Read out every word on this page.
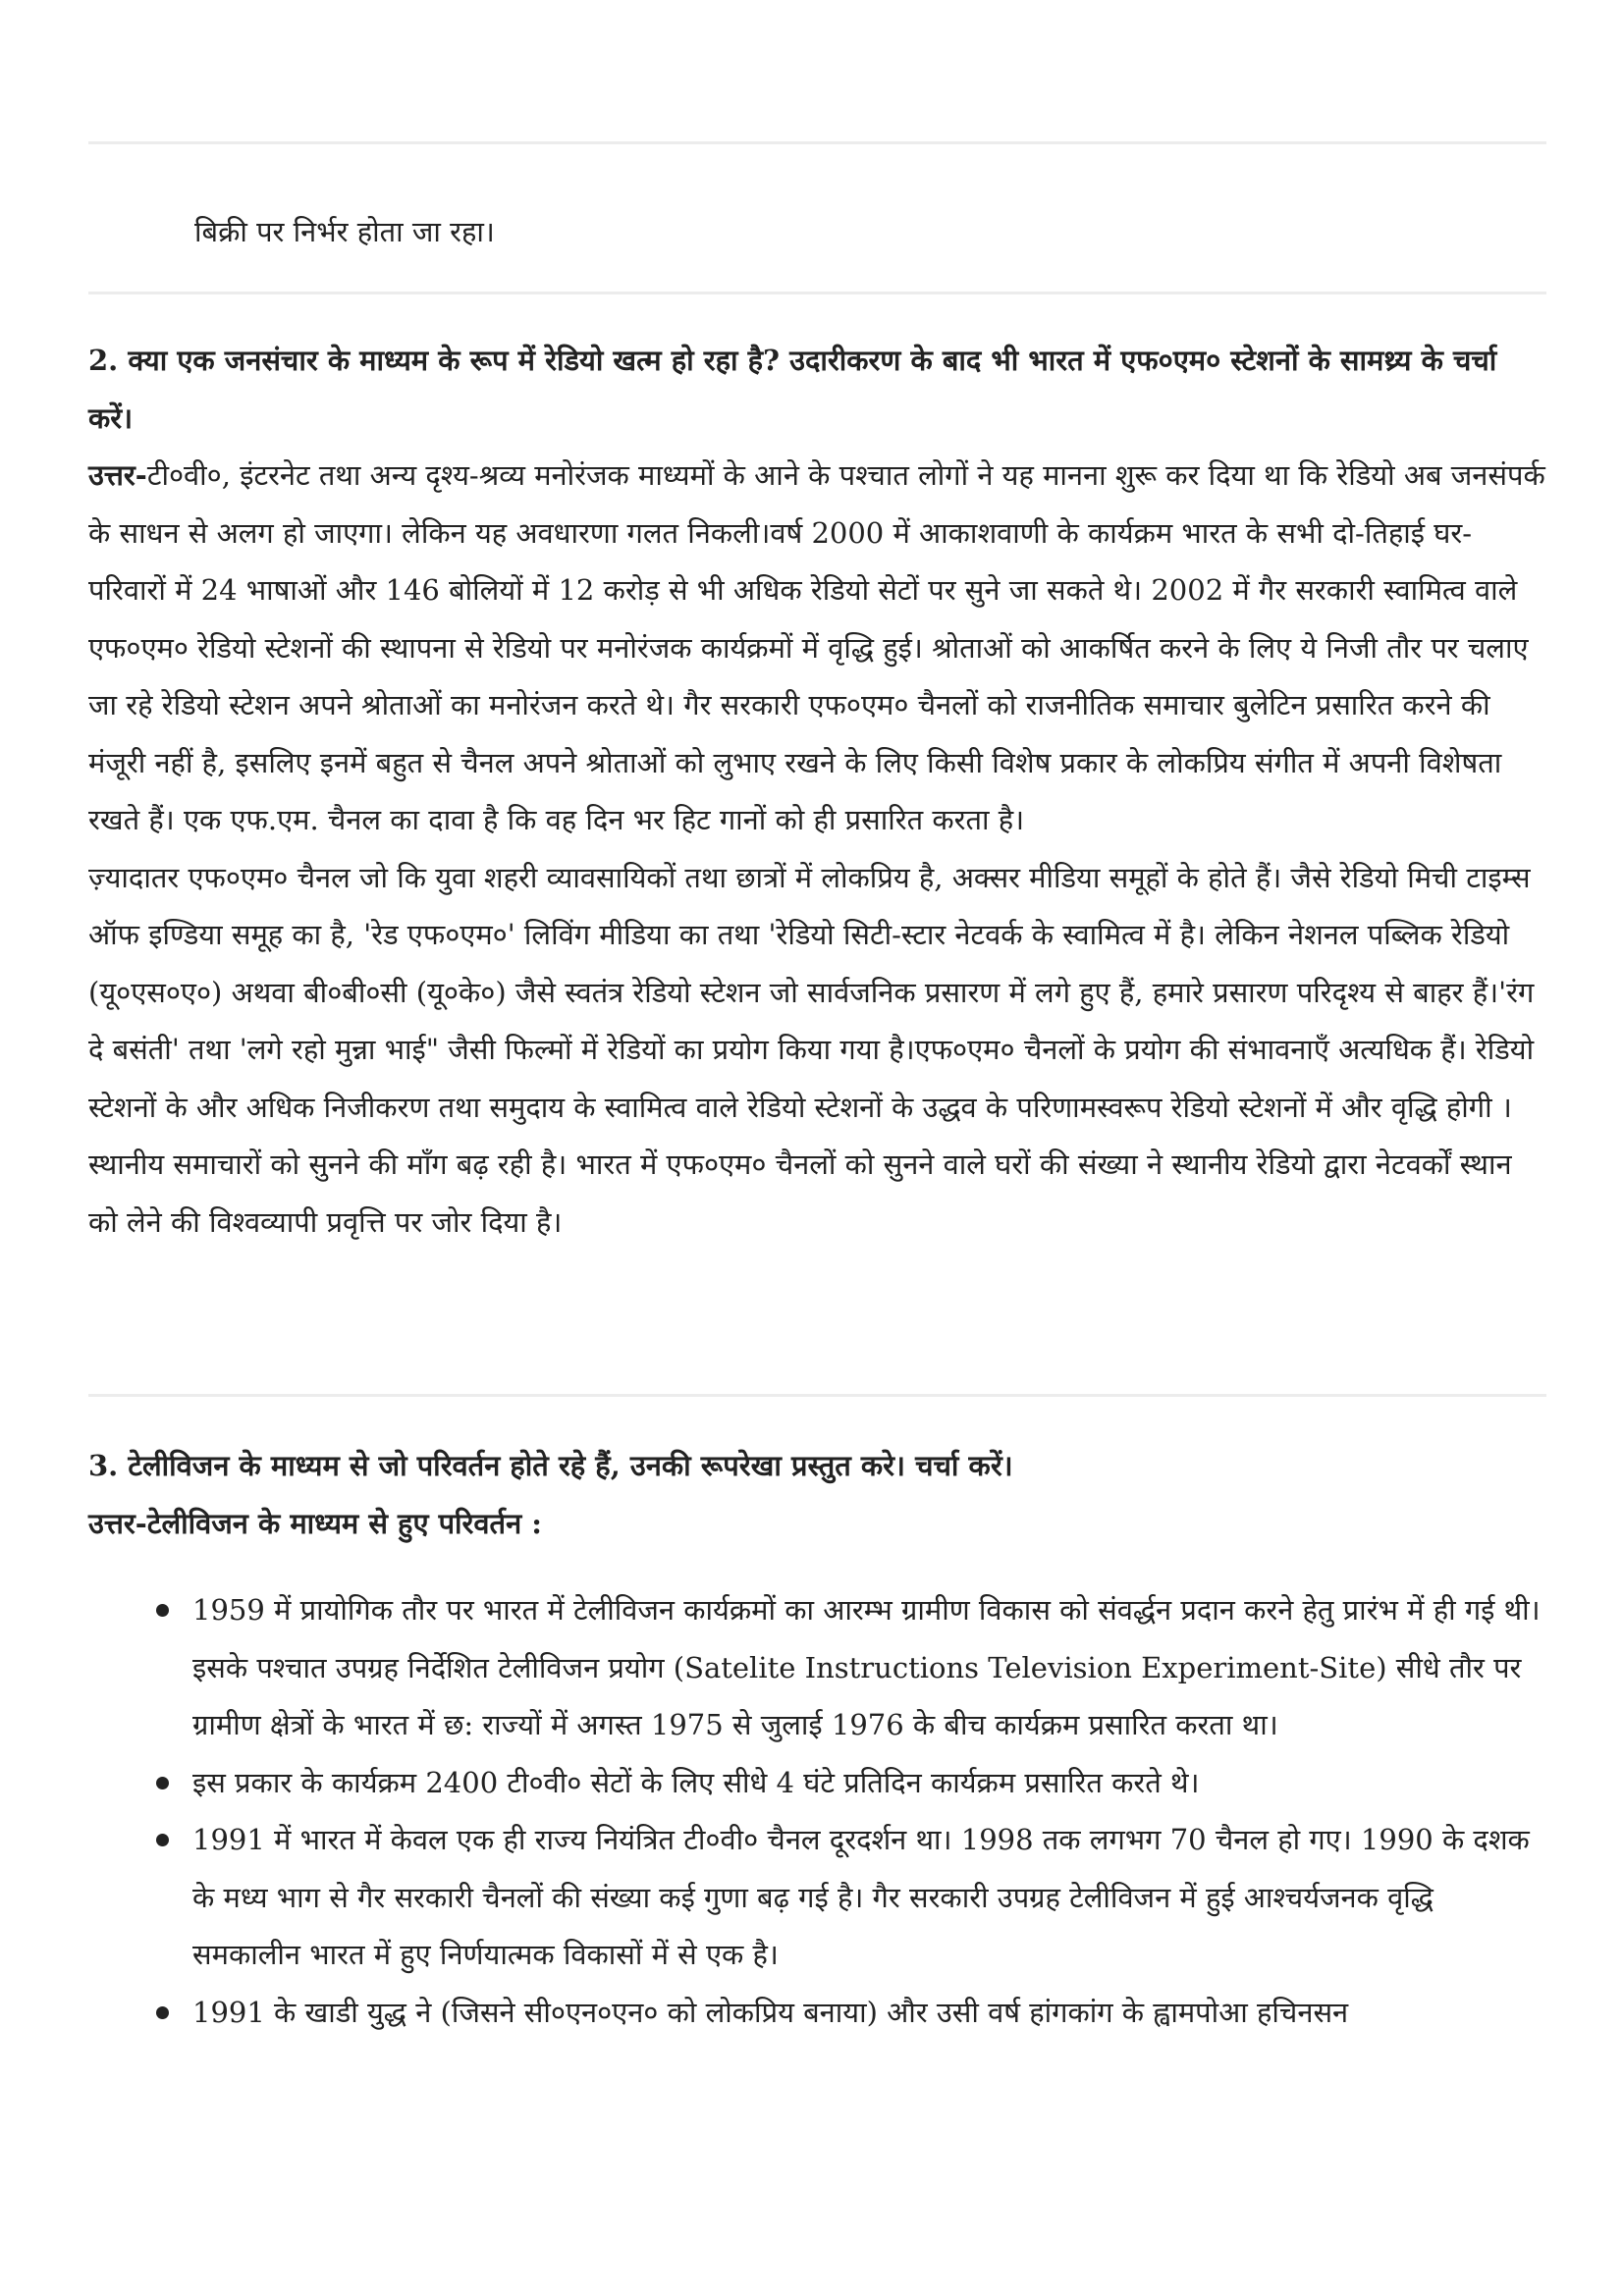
बिक्री पर निर्भर होता जा रहा।

2. क्या एक जनसंचार के माध्यम के रूप में रेडियो खत्म हो रहा है? उदारीकरण के बाद भी भारत में एफ०एम० स्टेशनों के सामथ्र्य के चर्चा करें।

उत्तर-टी०वी०, इंटरनेट तथा अन्य दृश्य-श्रव्य मनोरंजक माध्यमों के आने के पश्चात लोगों ने यह मानना शुरू कर दिया था कि रेडियो अब जनसंपर्क के साधन से अलग हो जाएगा। लेकिन यह अवधारणा गलत निकली।वर्ष 2000 में आकाशवाणी के कार्यक्रम भारत के सभी दो-तिहाई घर-परिवारों में 24 भाषाओं और 146 बोलियों में 12 करोड़ से भी अधिक रेडियो सेटों पर सुने जा सकते थे। 2002 में गैर सरकारी स्वामित्व वाले एफ०एम० रेडियो स्टेशनों की स्थापना से रेडियो पर मनोरंजक कार्यक्रमों में वृद्धि हुई। श्रोताओं को आकर्षित करने के लिए ये निजी तौर पर चलाए जा रहे रेडियो स्टेशन अपने श्रोताओं का मनोरंजन करते थे। गैर सरकारी एफ०एम० चैनलों को राजनीतिक समाचार बुलेटिन प्रसारित करने की मंजूरी नहीं है, इसलिए इनमें बहुत से चैनल अपने श्रोताओं को लुभाए रखने के लिए किसी विशेष प्रकार के लोकप्रिय संगीत में अपनी विशेषता रखते हैं। एक एफ.एम. चैनल का दावा है कि वह दिन भर हिट गानों को ही प्रसारित करता है।

ज़्यादातर एफ०एम० चैनल जो कि युवा शहरी व्यावसायिकों तथा छात्रों में लोकप्रिय है, अक्सर मीडिया समूहों के होते हैं। जैसे रेडियो मिची टाइम्स ऑफ इण्डिया समूह का है, 'रेड एफ०एम०' लिविंग मीडिया का तथा 'रेडियो सिटी-स्टार नेटवर्क के स्वामित्व में है। लेकिन नेशनल पब्लिक रेडियो (यू०एस०ए०) अथवा बी०बी०सी (यू०के०) जैसे स्वतंत्र रेडियो स्टेशन जो सार्वजनिक प्रसारण में लगे हुए हैं, हमारे प्रसारण परिदृश्य से बाहर हैं।'रंग दे बसंती' तथा 'लगे रहो मुन्ना भाई" जैसी फिल्मों में रेडियों का प्रयोग किया गया है।एफ०एम० चैनलों के प्रयोग की संभावनाएँ अत्यधिक हैं। रेडियो स्टेशनों के और अधिक निजीकरण तथा समुदाय के स्वामित्व वाले रेडियो स्टेशनों के उद्धव के परिणामस्वरूप रेडियो स्टेशनों में और वृद्धि होगी । स्थानीय समाचारों को सुनने की माँग बढ़ रही है। भारत में एफ०एम० चैनलों को सुनने वाले घरों की संख्या ने स्थानीय रेडियो द्वारा नेटवर्कों स्थान को लेने की विश्वव्यापी प्रवृत्ति पर जोर दिया है।

3. टेलीविजन के माध्यम से जो परिवर्तन होते रहे हैं, उनकी रूपरेखा प्रस्तुत करे। चर्चा करें।

उत्तर-टेलीविजन के माध्यम से हुए परिवर्तन :

1959 में प्रायोगिक तौर पर भारत में टेलीविजन कार्यक्रमों का आरम्भ ग्रामीण विकास को संवर्द्धन प्रदान करने हेतु प्रारंभ में ही गई थी। इसके पश्चात उपग्रह निर्देशित टेलीविजन प्रयोग (Satelite Instructions Television Experiment-Site) सीधे तौर पर ग्रामीण क्षेत्रों के भारत में छ: राज्यों में अगस्त 1975 से जुलाई 1976 के बीच कार्यक्रम प्रसारित करता था।
इस प्रकार के कार्यक्रम 2400 टी०वी० सेटों के लिए सीधे 4 घंटे प्रतिदिन कार्यक्रम प्रसारित करते थे।
1991 में भारत में केवल एक ही राज्य नियंत्रित टी०वी० चैनल दूरदर्शन था। 1998 तक लगभग 70 चैनल हो गए। 1990 के दशक के मध्य भाग से गैर सरकारी चैनलों की संख्या कई गुणा बढ़ गई है। गैर सरकारी उपग्रह टेलीविजन में हुई आश्चर्यजनक वृद्धि समकालीन भारत में हुए निर्णयात्मक विकासों में से एक है।
1991 के खाडी युद्ध ने (जिसने सी०एन०एन० को लोकप्रिय बनाया) और उसी वर्ष हांगकांग के ह्वामपोआ हचिनसन
